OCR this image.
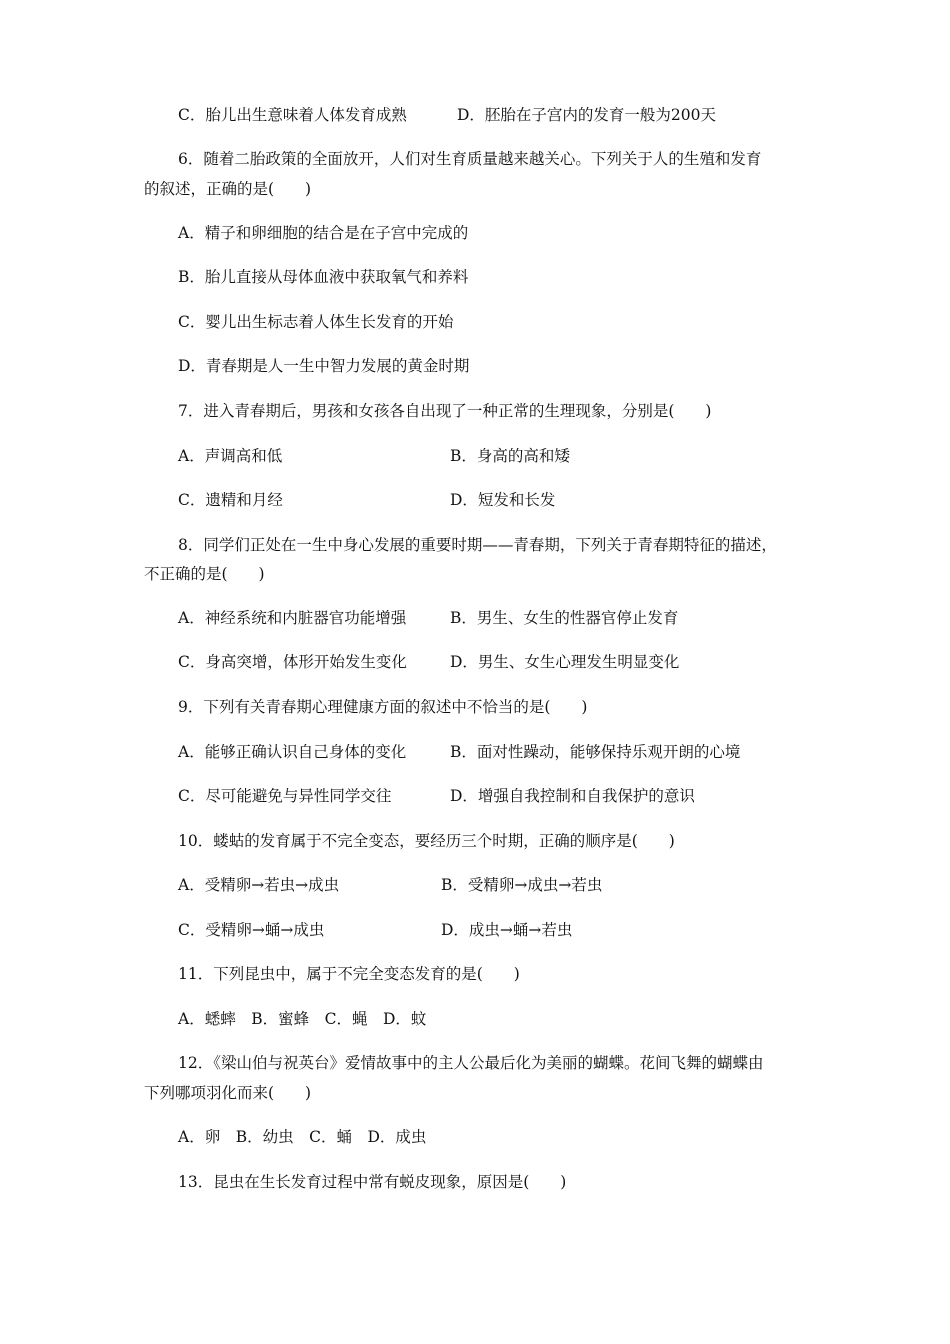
C．胎儿出生意味着人体发育成熟	D．胚胎在子宫内的发育一般为200天
6．随着二胎政策的全面放开，人们对生育质量越来越关心。下列关于人的生殖和发育
的叙述，正确的是(　　)
A．精子和卵细胞的结合是在子宫中完成的
B．胎儿直接从母体血液中获取氧气和养料
C．婴儿出生标志着人体生长发育的开始
D．青春期是人一生中智力发展的黄金时期
7．进入青春期后，男孩和女孩各自出现了一种正常的生理现象，分别是(　　)
A．声调高和低	B．身高的高和矮
C．遗精和月经	D．短发和长发
8．同学们正处在一生中身心发展的重要时期——青春期，下列关于青春期特征的描述，
不正确的是(　　)
A．神经系统和内脏器官功能增强	B．男生、女生的性器官停止发育
C．身高突增，体形开始发生变化	D．男生、女生心理发生明显变化
9．下列有关青春期心理健康方面的叙述中不恰当的是(　　)
A．能够正确认识自己身体的变化	B．面对性躁动，能够保持乐观开朗的心境
C．尽可能避免与异性同学交往	D．增强自我控制和自我保护的意识
10．蝼蛄的发育属于不完全变态，要经历三个时期，正确的顺序是(　　)
A．受精卵→若虫→成虫	B．受精卵→成虫→若虫
C．受精卵→蛹→成虫	D．成虫→蛹→若虫
11．下列昆虫中，属于不完全变态发育的是(　　)
A．蟋蟀　B．蜜蜂　C．蝇　D．蚊
12．《梁山伯与祝英台》爱情故事中的主人公最后化为美丽的蝴蝶。花间飞舞的蝴蝶由
下列哪项羽化而来(　　)
A．卵　B．幼虫　C．蛹　D．成虫
13．昆虫在生长发育过程中常有蜕皮现象，原因是(　　)
